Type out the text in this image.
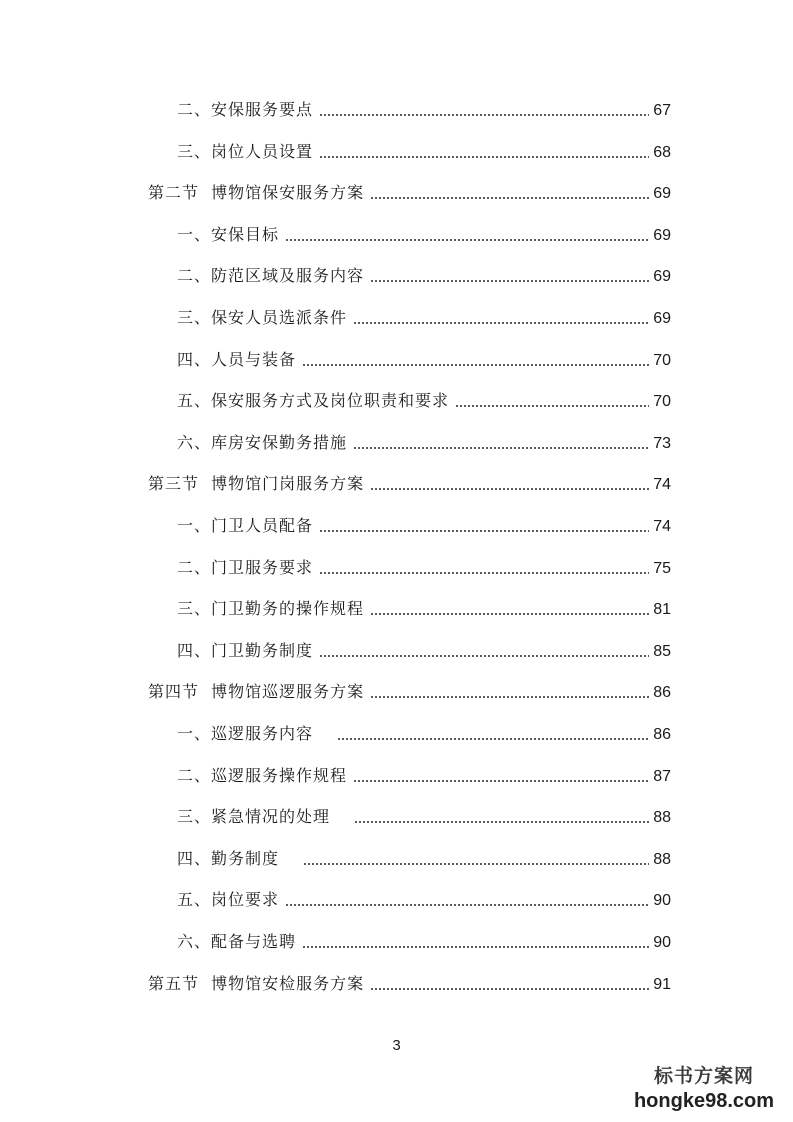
二、安保服务要点	67
三、岗位人员设置	68
第二节  博物馆保安服务方案	69
一、安保目标	69
二、防范区域及服务内容	69
三、保安人员选派条件	69
四、人员与装备	70
五、保安服务方式及岗位职责和要求	70
六、库房安保勤务措施	73
第三节  博物馆门岗服务方案	74
一、门卫人员配备	74
二、门卫服务要求	75
三、门卫勤务的操作规程	81
四、门卫勤务制度	85
第四节  博物馆巡逻服务方案	86
一、巡逻服务内容	86
二、巡逻服务操作规程	87
三、紧急情况的处理	88
四、勤务制度	88
五、岗位要求	90
六、配备与选聘	90
第五节  博物馆安检服务方案	91
3
标书方案网
hongke98.com
